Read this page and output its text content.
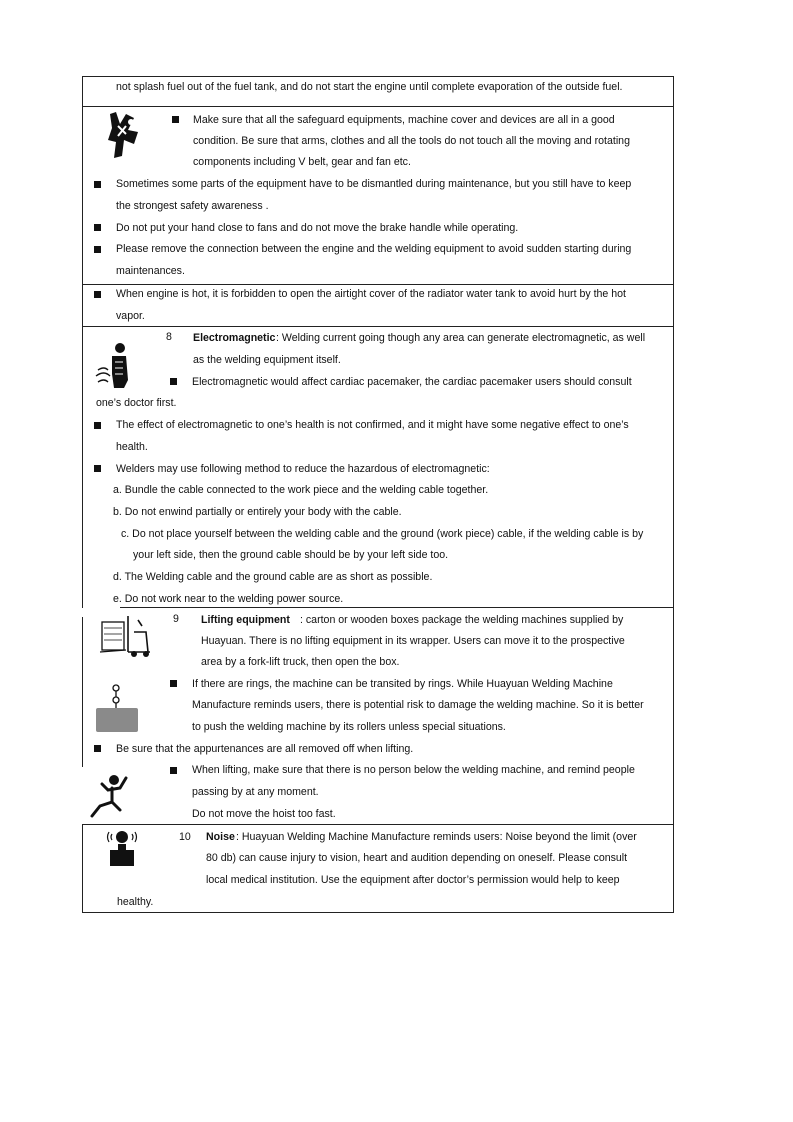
not splash fuel out of the fuel tank, and do not start the engine until complete evaporation of the outside fuel.
Make sure that all the safeguard equipments, machine cover and devices are all in a good
condition. Be sure that arms, clothes and all the tools do not touch all the moving and rotating
components including V belt, gear and fan etc.
Sometimes some parts of the equipment have to be dismantled during maintenance, but you still have to keep
the strongest safety awareness .
Do not put your hand close to fans and do not move the brake handle while operating.
Please remove the connection between the engine and the welding equipment to avoid sudden starting during
maintenances.
When engine is hot, it is forbidden to open the airtight cover of the radiator water tank to avoid hurt by the hot
vapor.
8 Electromagnetic : Welding current going though any area can generate electromagnetic, as well
as the welding equipment itself.
Electromagnetic would affect cardiac pacemaker, the cardiac pacemaker users should consult
one’s doctor first.
The effect of electromagnetic to one’s health is not confirmed, and it might have some negative effect to one’s
health.
Welders may use following method to reduce the hazardous of electromagnetic:
a. Bundle the cable connected to the work piece and the welding cable together.
b. Do not enwind partially or entirely your body with the cable.
c. Do not place yourself between the welding cable and the ground (work piece) cable, if the welding cable is by
your left side, then the ground cable should be by your left side too.
d. The Welding cable and the ground cable are as short as possible.
e. Do not work near to the welding power source.
9 Lifting equipment : carton or wooden boxes package the welding machines supplied by
Huayuan. There is no lifting equipment in its wrapper. Users can move it to the prospective
area by a fork-lift truck, then open the box.
If there are rings, the machine can be transited by rings. While Huayuan Welding Machine
Manufacture reminds users, there is potential risk to damage the welding machine. So it is better
to push the welding machine by its rollers unless special situations.
Be sure that the appurtenances are all removed off when lifting.
When lifting, make sure that there is no person below the welding machine, and remind people
passing by at any moment.
Do not move the hoist too fast.
10 Noise : Huayuan Welding Machine Manufacture reminds users: Noise beyond the limit (over
80 db) can cause injury to vision, heart and audition depending on oneself. Please consult
local medical institution. Use the equipment after doctor’s permission would help to keep
healthy.
